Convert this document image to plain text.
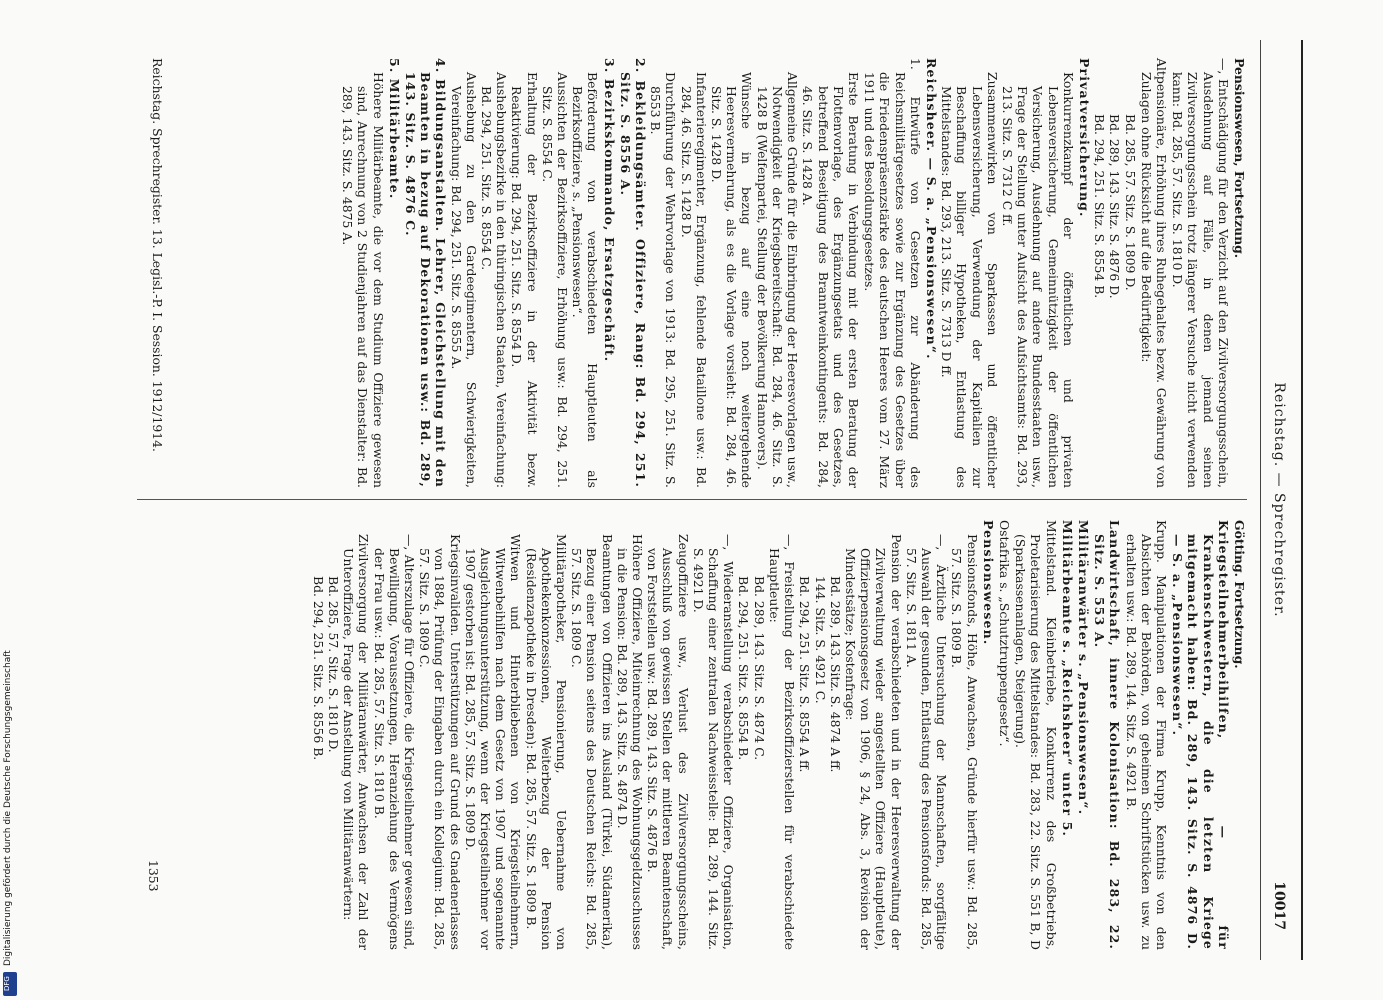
Reichstag. — Sprechregister.
10017

Pensionswesen, Fortsetzung.

—, Entschädigung für den Verzicht auf den Zivilversorgungsschein, Ausdehnung auf Fälle, in denen jemand seinen Zivilversorgungsschein trotz längerer Versuche nicht verwenden kann: Bd. 285, 57. Sitz. S. 1810 D.

Altpensionäre, Erhöhung ihres Ruhegehaltes bezw. Gewährung von Zulagen ohne Rücksicht auf die Bedürftigkeit:

Bd. 285, 57. Sitz. S. 1809 D.

Bd. 289, 143. Sitz. S. 4876 D.

Bd. 294, 251. Sitz. S. 8554 B.

Privatversicherung.

Konkurrenzkampf der öffentlichen und privaten Lebensversicherung, Gemeinnützigkeit der öffentlichen Versicherung, Ausdehnung auf andere Bundesstaaten usw., Frage der Stellung unter Aufsicht des Aufsichtsamts: Bd. 293, 213. Sitz. S. 7312 C ff.

Zusammenwirken von Sparkassen und öffentlicher Lebensversicherung, Verwendung der Kapitalien zur Beschaffung billiger Hypotheken, Entlastung des Mittelstandes: Bd. 293, 213. Sitz. S. 7313 D ff.

Reichsheer. — S. a. „Pensionswesen“.

1. Entwürfe von Gesetzen zur Abänderung des Reichsmilitärgesetzes sowie zur Ergänzung des Gesetzes über die Friedenspräsenzstärke des deutschen Heeres vom 27. März 1911 und des Besoldungsgesetzes.

Erste Beratung in Verbindung mit der ersten Beratung der Flottenvorlage, des Ergänzungsetats und des Gesetzes, betreffend Beseitigung des Branntweinkontingents: Bd. 284, 46. Sitz. S. 1428 A.

Allgemeine Gründe für die Einbringung der Heeresvorlagen usw., Notwendigkeit der Kriegsbereitschaft: Bd. 284, 46. Sitz. S. 1428 B (Welfenpartei, Stellung der Bevölkerung Hannovers).

Wünsche in bezug auf eine noch weitergehende Heeresvermehrung, als es die Vorlage vorsieht: Bd. 284, 46. Sitz. S. 1428 D.

Infanterieregimenter, Ergänzung, fehlende Bataillone usw.: Bd. 284, 46. Sitz. S. 1428 D.

Durchführung der Wehrvorlage von 1913: Bd. 295, 251. Sitz. S. 8553 B.

2. Bekleidungsämter. Offiziere, Rang: Bd. 294, 251. Sitz. S. 8556 A.

3. Bezirkskommando, Ersatzgeschäft.

Beförderung von verabschiedeten Hauptleuten als Bezirksoffiziere, s. „Pensionswesen“.

Aussichten der Bezirksoffiziere, Erhöhung usw.: Bd. 294, 251. Sitz. S. 8554 C.

Erhaltung der Bezirksoffiziere in der Aktivität bezw. Reaktivierung: Bd. 294, 251. Sitz. S. 8554 D.

Aushebungsbezirke in den thüringischen Staaten, Vereinfachung: Bd. 294, 251. Sitz. S. 8554 C.

Aushebung zu den Gardeegimentern, Schwierigkeiten, Vereinfachung: Bd. 294, 251. Sitz. S. 8555 A.

4. Bildungsanstalten. Lehrer, Gleichstellung mit den Beamten in bezug auf Dekorationen usw.: Bd. 289, 143. Sitz. S. 4876 C.

5. Militärbeamte.

Höhere Militärbeamte, die vor dem Studium Offiziere gewesen sind, Anrechnung von 2 Studienjahren auf das Dienstalter: Bd. 289, 143. Sitz. S. 4875 A.

Götting. Fortsetzung.

Kriegsteilnehmerbeihilfen, — für Krankenschwestern, die die letzten Kriege mitgemacht haben: Bd. 289, 143. Sitz. S. 4876 D. — S. a. „Pensionswesen“.

Krupp. Manipulationen der Firma Krupp, Kenntnis von den Absichten der Behörden, von geheimen Schriftstücken usw. zu erhalten usw.: Bd. 289, 144. Sitz. S. 4921 B.

Landwirtschaft, innere Kolonisation: Bd. 283, 22. Sitz. S. 553 A.

Militäranwärter s. „Pensionswesen“.

Militärbeamte s. „Reichsheer“ unter 5.

Mittelstand. Kleinbetriebe, Konkurrenz des Großbetriebs, Proletarisierung des Mittelstandes: Bd. 283, 22. Sitz. S. 551 B, D (Sparkassenanlagen, Steigerung).

Ostafrika s. „Schutztruppengesetz“.

Pensionswesen.

Pensionsfonds, Höhe, Anwachsen, Gründe hierfür usw.: Bd. 285, 57. Sitz. S. 1809 B.

—, Ärztliche Untersuchung der Mannschaften, sorgfältige Auswahl der gesunden, Entlastung des Pensionsfonds: Bd. 285, 57. Sitz. S. 1811 A.

Pension der verabschiedeten und in der Heeresverwaltung der Zivilverwaltung wieder angestellten Offiziere (Hauptleute), Offizierpensionsgesetz von 1906, § 24, Abs. 3, Revision der Mindestsätze; Kostenfrage:

Bd. 289, 143. Sitz. S. 4874 A ff.

144. Sitz. S. 4921 C.

Bd. 294, 251. Sitz. S. 8554 A ff.

—, Freistellung der Bezirksoffizierstellen für verabschiedete Hauptleute:

Bd. 289, 143. Sitz. S. 4874 C.

Bd. 294, 251. Sitz. S. 8554 B.

—, Wiederanstellung verabschiedeter Offiziere, Organisation, Schaffung einer zentralen Nachweisstelle: Bd. 289, 144. Sitz. S. 4921 D.

Zeugoffiziere usw., Verlust des Zivilversorgungsscheins, Ausschluß von gewissen Stellen der mittleren Beamtenschaft, von Forststellen usw.: Bd. 289, 143. Sitz. S. 4876 B.

Höhere Offiziere, Miteinrechnung des Wohnungsgeldzuschusses in die Pension: Bd. 289, 143. Sitz. S. 4874 D.

Beamtungen von Offizieren ins Ausland (Türkei, Südamerika), Bezug einer Pension seitens des Deutschen Reichs: Bd. 285, 57. Sitz. S. 1809 C.

Militärapotheker, Pensionierung, Uebernahme von Apothekenkonzessionen, Weiterbezug der Pension (Residenzapotheke in Dresden): Bd. 285, 57. Sitz. S. 1809 B.

Witwen und Hinterbliebenen von Kriegsteilnehmern, Witwenbeihilfen nach dem Gesetz von 1907 und sogenannte Ausgleichungsunterstützung, wenn der Kriegsteilnehmer vor 1907 gestorben ist: Bd. 285, 57. Sitz. S. 1809 D.

Kriegsinvaliden. Unterstützungen auf Grund des Gnadenerlasses von 1884, Prüfung der Eingaben durch ein Kollegium: Bd. 285, 57. Sitz. S. 1809 C.

—, Alterszulage für Offiziere, die Kriegsteilnehmer gewesen sind, Bewilligung, Voraussetzungen, Heranziehung des Vermögens der Frau usw.: Bd. 285, 57. Sitz. S. 1810 B.

Zivilversorgung der Militäranwärter, Anwachsen der Zahl der Unteroffiziere, Frage der Anstellung von Militäranwärtern:

Bd. 285, 57. Sitz. S. 1810 D.

Bd. 294, 251. Sitz. S. 8556 B.

Reichstag. Sprechregister. 13. Legisl.-P. I. Session. 1912/1914.
1353
Digitalisierung gefördert durch die Deutsche Forschungsgemeinschaft
DFG
